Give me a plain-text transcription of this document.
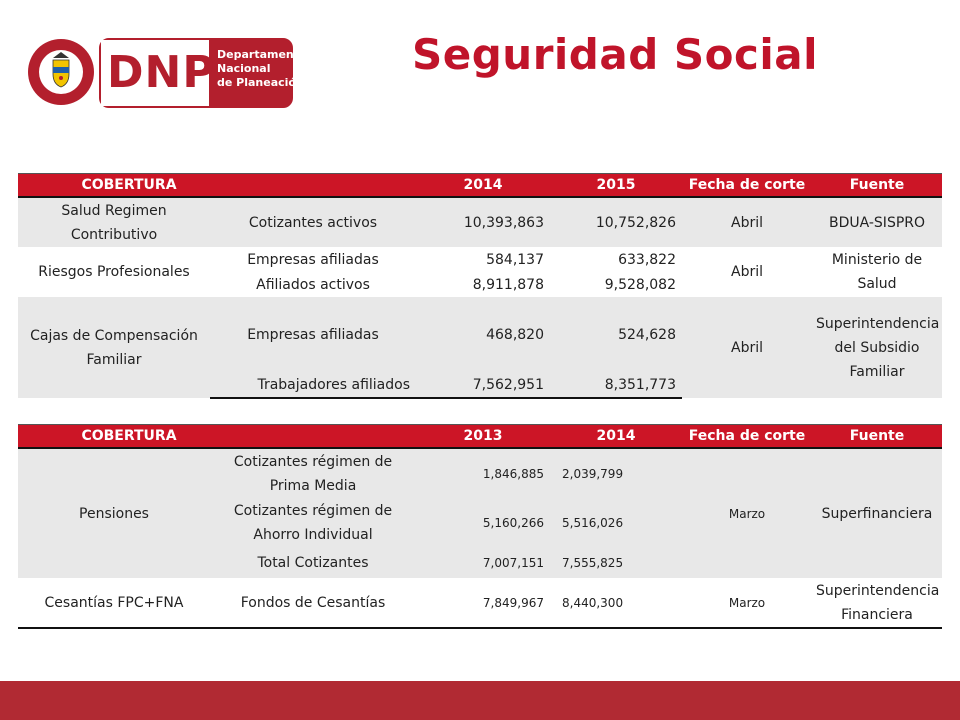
DNP Departamento
Nacional
de Planeación
Seguridad Social
COBERTURA		2014	2015	Fecha de corte	Fuente
Salud Regimen Contributivo	Cotizantes activos	10,393,863	10,752,826	Abril	BDUA-SISPRO
Riesgos Profesionales	Empresas afiliadas	584,137	633,822	Abril	Ministerio de Salud
	Afiliados activos	8,911,878	9,528,082		
Cajas de Compensación Familiar	Empresas afiliadas	468,820	524,628	Abril	Superintendencia del Subsidio Familiar
	Trabajadores afiliados	7,562,951	8,351,773		
COBERTURA		2013	2014	Fecha de corte	Fuente
Pensiones	Cotizantes régimen de Prima Media	1,846,885	2,039,799	Marzo	Superfinanciera
	Cotizantes régimen de Ahorro Individual	5,160,266	5,516,026		
	Total Cotizantes	7,007,151	7,555,825		
Cesantías FPC+FNA	Fondos de Cesantías	7,849,967	8,440,300	Marzo	Superintendencia Financiera
